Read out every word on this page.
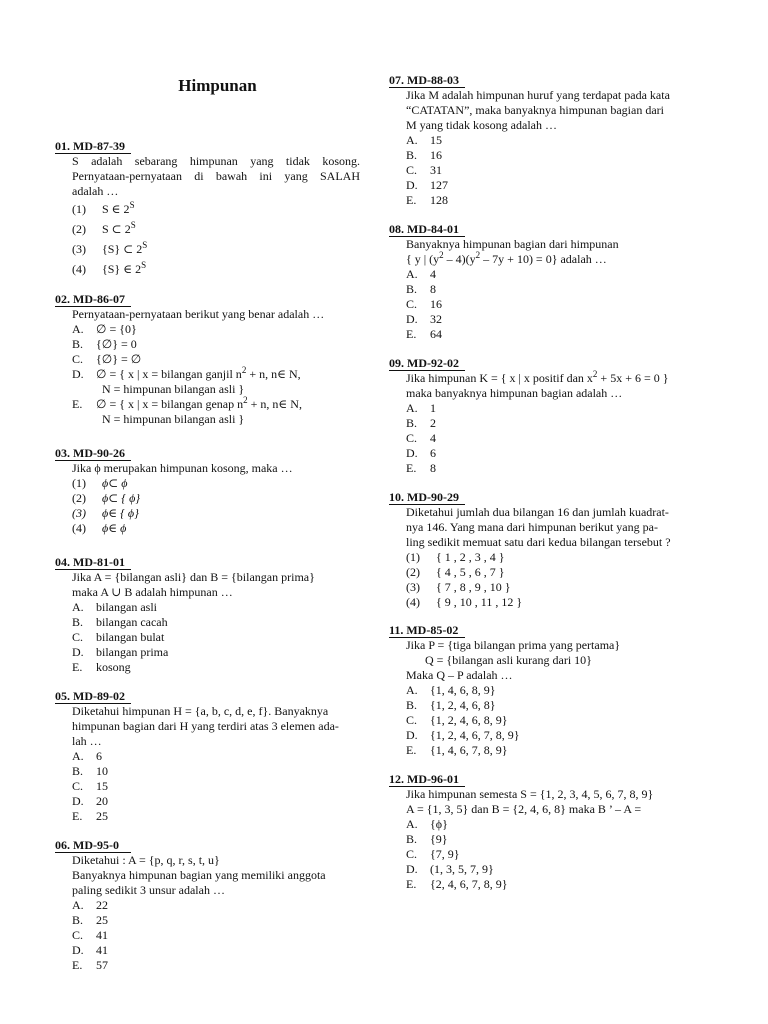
Himpunan
01. MD-87-39
S adalah sebarang himpunan yang tidak kosong.
Pernyataan-pernyataan di bawah ini yang SALAH
adalah …
(1)	S ∈ $2^S$
(2)	S ⊂ $2^S$
(3)	{S} ⊂ $2^S$
(4)	{S} ∈ $2^S$
02. MD-86-07
Pernyataan-pernyataan berikut yang benar adalah …
A.	∅ = {0}
B.	{∅} = 0
C.	{∅} = ∅
D.	∅ = { x | x = bilangan ganjil $n^2 + n$, n∈ N,
N = himpunan bilangan asli }
E.	∅ = { x | x = bilangan genap $n^2 + n$, n∈ N,
N = himpunan bilangan asli }
03. MD-90-26
Jika ϕ merupakan himpunan kosong, maka …
(1)	ϕ⊂ ϕ
(2)	ϕ⊂ { ϕ}
(3)	ϕ∈ { ϕ}
(4)	ϕ∈ ϕ
04. MD-81-01
Jika A = {bilangan asli} dan B = {bilangan prima}
maka A ∪ B adalah himpunan …
A.	bilangan asli
B.	bilangan cacah
C.	bilangan bulat
D.	bilangan prima
E.	kosong
05. MD-89-02
Diketahui himpunan H = {a, b, c, d, e, f}. Banyaknya
himpunan bagian dari H yang terdiri atas 3 elemen ada-
lah …
A.	6
B.	10
C.	15
D.	20
E.	25
06. MD-95-0
Diketahui : A = {p, q, r, s, t, u}
Banyaknya himpunan bagian yang memiliki anggota
paling sedikit 3 unsur adalah …
A.	22
B.	25
C.	41
D.	41
E.	57
07. MD-88-03
Jika M adalah himpunan huruf yang terdapat pada kata
“CATATAN”, maka banyaknya himpunan bagian dari
M yang tidak kosong adalah …
A.	15
B.	16
C.	31
D.	127
E.	128
08. MD-84-01
Banyaknya himpunan bagian dari himpunan
{ y | $(y^2 - 4)(y^2 - 7y + 10) = 0$} adalah …
A.	4
B.	8
C.	16
D.	32
E.	64
09. MD-92-02
Jika himpunan K = { x | x positif dan $x^2 + 5x + 6 = 0$ }
maka banyaknya himpunan bagian adalah …
A.	1
B.	2
C.	4
D.	6
E.	8
10. MD-90-29
Diketahui jumlah dua bilangan 16 dan jumlah kuadrat-
nya 146. Yang mana dari himpunan berikut yang pa-
ling sedikit memuat satu dari kedua bilangan tersebut ?
(1)	{ 1 , 2 , 3 , 4 }
(2)	{ 4 , 5 , 6 , 7 }
(3)	{ 7 , 8 , 9 , 10 }
(4)	{ 9 , 10 , 11 , 12 }
11. MD-85-02
Jika P = {tiga bilangan prima yang pertama}
Q = {bilangan asli kurang dari 10}
Maka Q – P adalah …
A.	{1, 4, 6, 8, 9}
B.	{1, 2, 4, 6, 8}
C.	{1, 2, 4, 6, 8, 9}
D.	{1, 2, 4, 6, 7, 8, 9}
E.	{1, 4, 6, 7, 8, 9}
12. MD-96-01
Jika himpunan semesta S = {1, 2, 3, 4, 5, 6, 7, 8, 9}
A = {1, 3, 5} dan B = {2, 4, 6, 8} maka B ’ – A =
A.	{ϕ}
B.	{9}
C.	{7, 9}
D.	(1, 3, 5, 7, 9}
E.	{2, 4, 6, 7, 8, 9}
